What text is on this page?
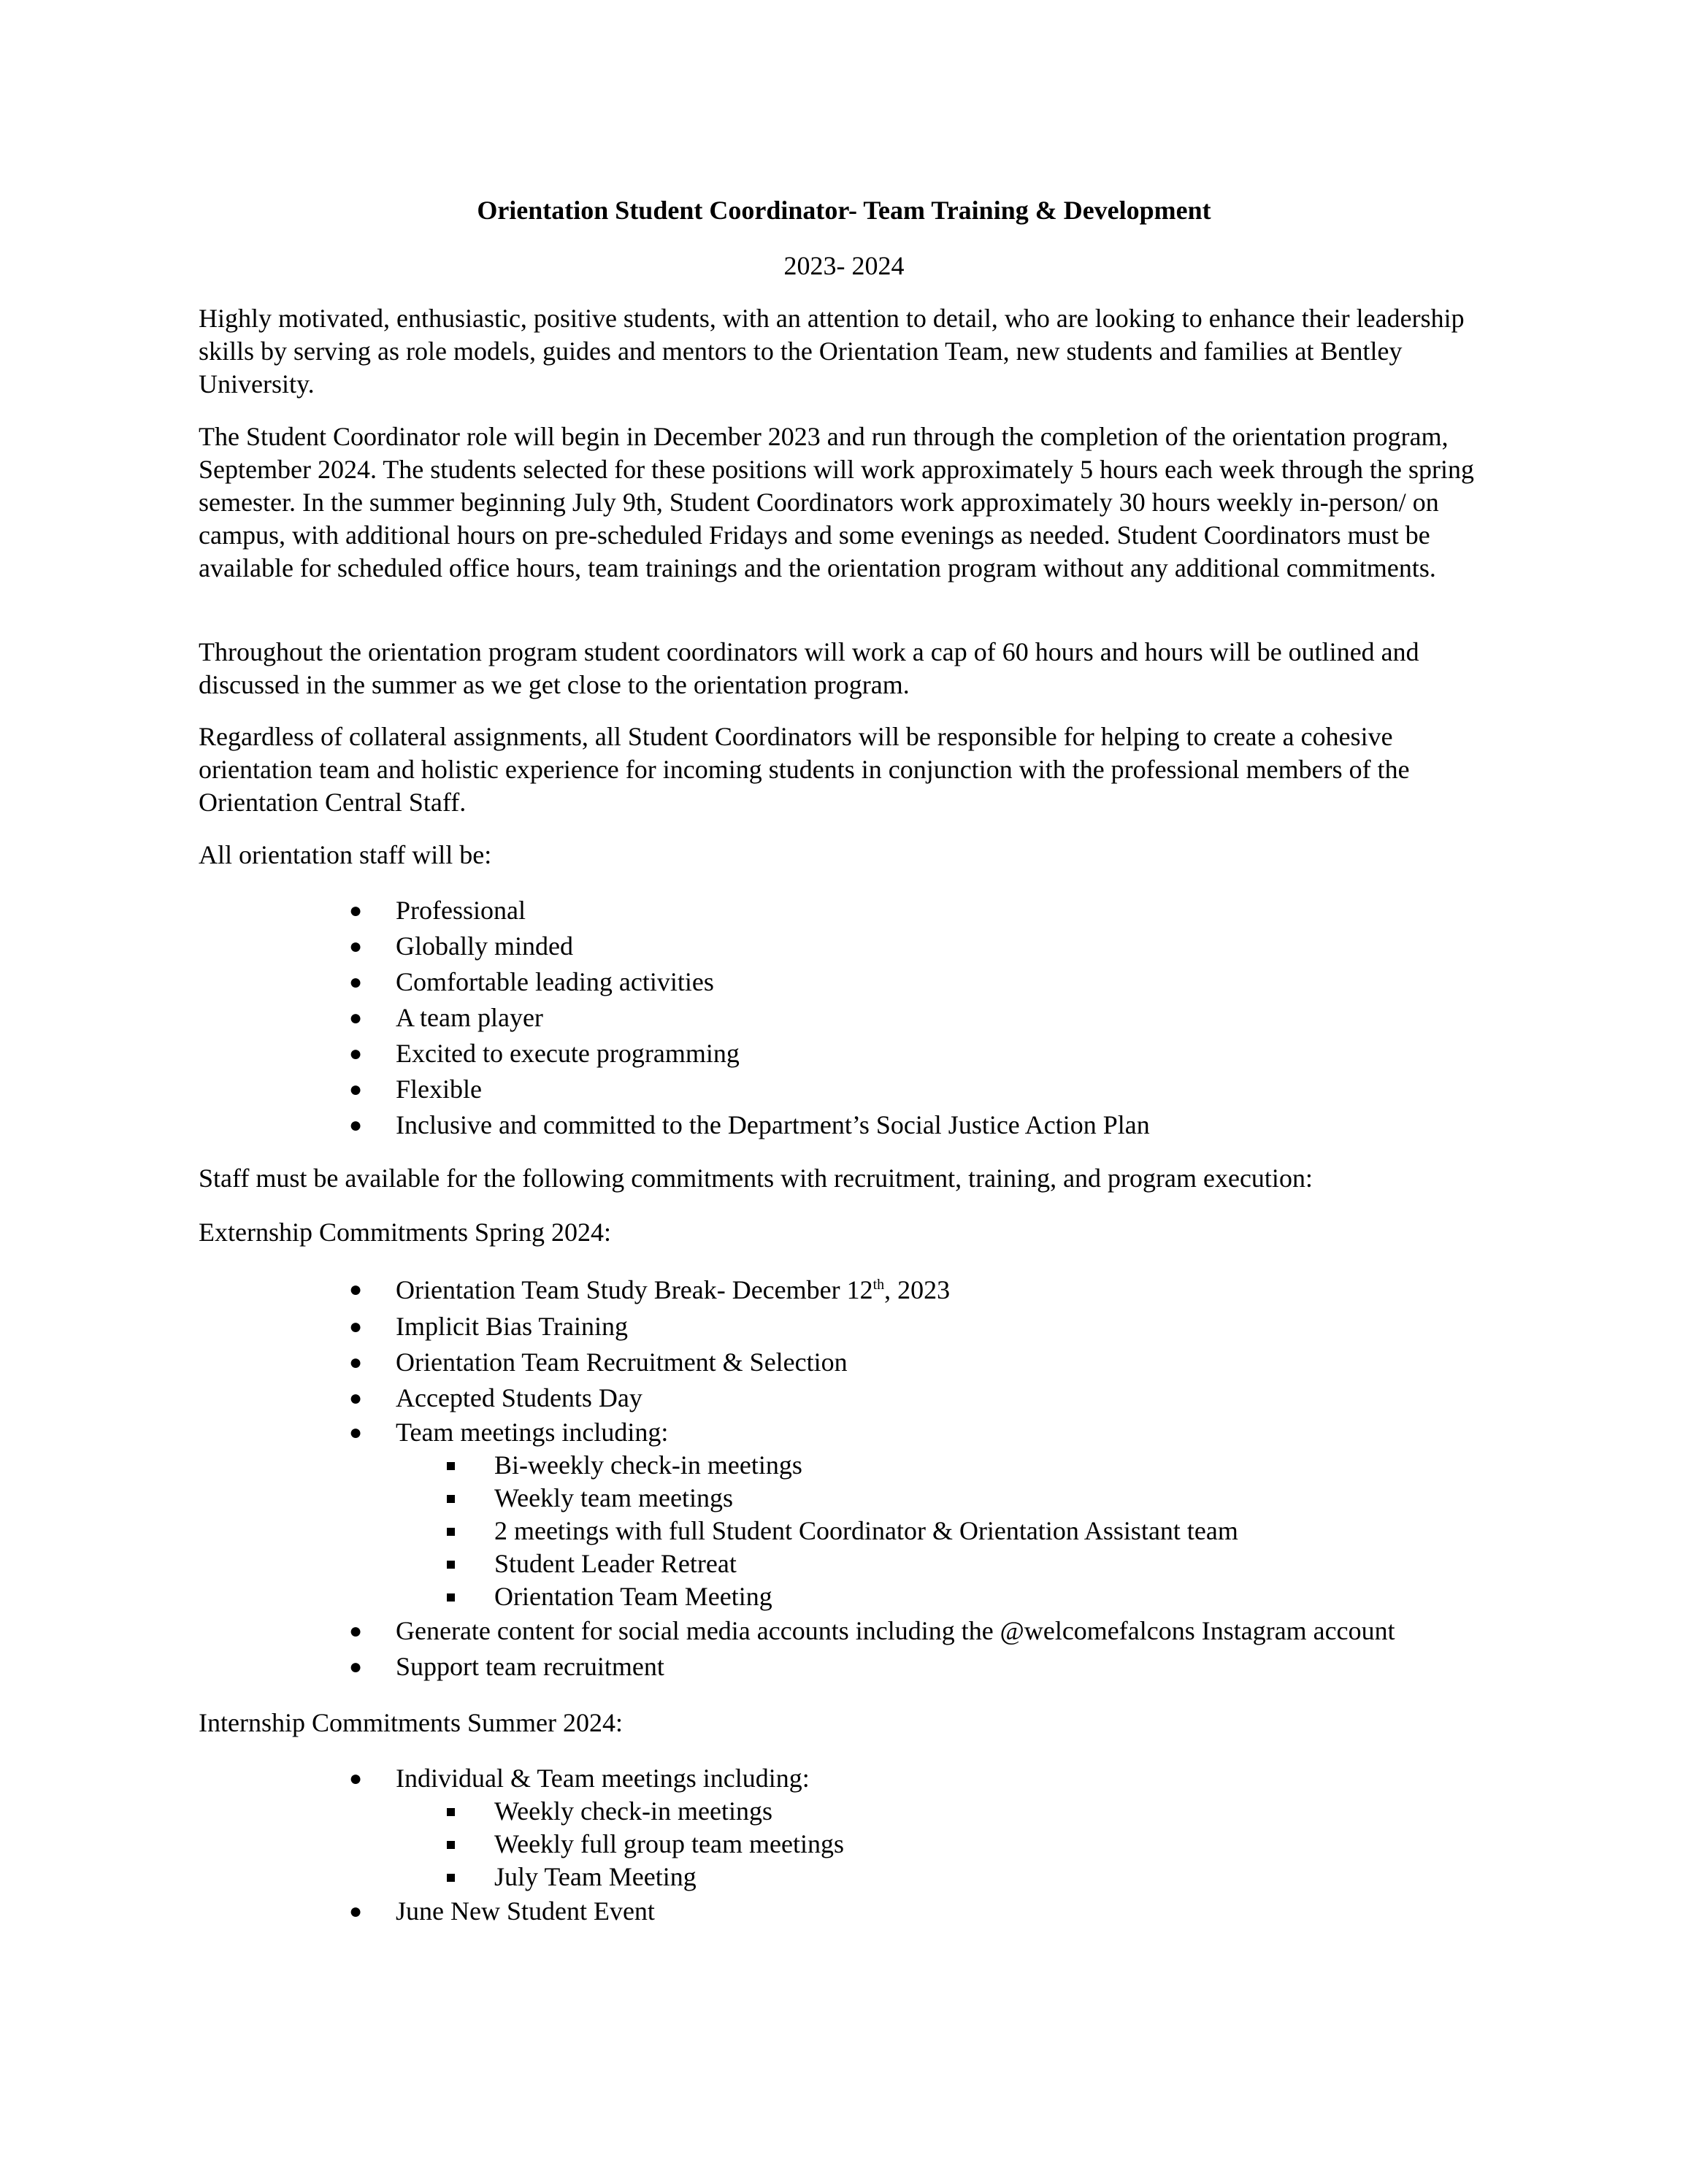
Orientation Student Coordinator- Team Training & Development
2023- 2024

Highly motivated, enthusiastic, positive students, with an attention to detail, who are looking to enhance their leadership skills by serving as role models, guides and mentors to the Orientation Team, new students and families at Bentley University.

The Student Coordinator role will begin in December 2023 and run through the completion of the orientation program, September 2024. The students selected for these positions will work approximately 5 hours each week through the spring semester. In the summer beginning July 9th, Student Coordinators work approximately 30 hours weekly in-person/ on campus, with additional hours on pre-scheduled Fridays and some evenings as needed. Student Coordinators must be available for scheduled office hours, team trainings and the orientation program without any additional commitments.

Throughout the orientation program student coordinators will work a cap of 60 hours and hours will be outlined and discussed in the summer as we get close to the orientation program.

Regardless of collateral assignments, all Student Coordinators will be responsible for helping to create a cohesive orientation team and holistic experience for incoming students in conjunction with the professional members of the Orientation Central Staff.

All orientation staff will be:

●	Professional
●	Globally minded
●	Comfortable leading activities
●	A team player
●	Excited to execute programming
●	Flexible
●	Inclusive and committed to the Department’s Social Justice Action Plan

Staff must be available for the following commitments with recruitment, training, and program execution:

Externship Commitments Spring 2024:

●	Orientation Team Study Break- December 12th, 2023
●	Implicit Bias Training
●	Orientation Team Recruitment & Selection
●	Accepted Students Day
●	Team meetings including:
Bi-weekly check-in meetings
Weekly team meetings
2 meetings with full Student Coordinator & Orientation Assistant team
Student Leader Retreat
Orientation Team Meeting
●	Generate content for social media accounts including the @welcomefalcons Instagram account
●	Support team recruitment

Internship Commitments Summer 2024:

●	Individual & Team meetings including:
Weekly check-in meetings
Weekly full group team meetings
July Team Meeting
●	June New Student Event
